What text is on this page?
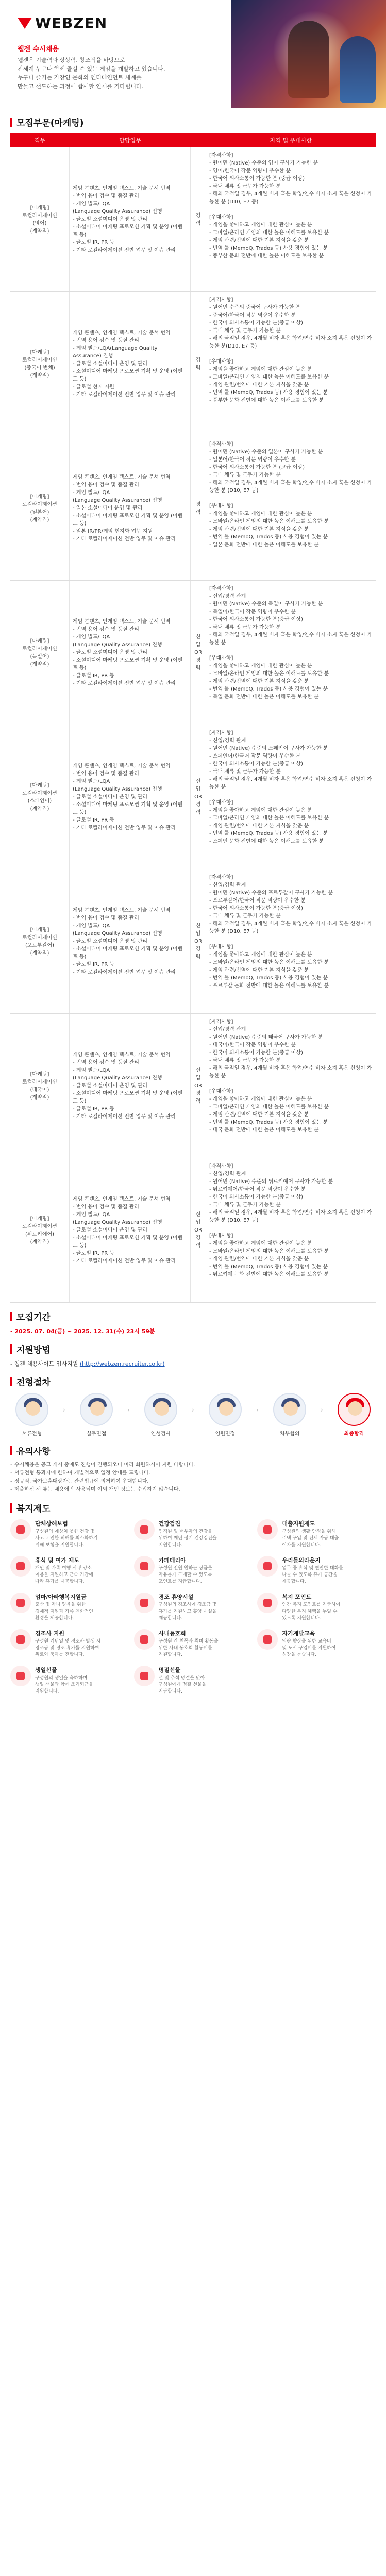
WEBZEN
웹젠 수시채용
웹젠은 기술력과 상상력, 창조적을 바탕으로
전세계 누구나 함께 즐길 수 있는 게임을 개발하고 있습니다.
누구나 즐기는 가장인 문화의 엔터테인먼트 세계를
만들고 선도하는 과정에 함께할 인재를 기다립니다.
모집부문(마케팅)
직무	담당업무	자격 및 우대사항
[마케팅]
로컬라이제이션
(영어)
(계약직)
게임 콘텐츠, 인게임 텍스트, 기술 문서 번역
- 번역 용어 검수 및 품질 관리
- 게임 빌드/LQA
(Language Quality Assurance) 진행
- 글로벌 소셜미디어 운영 및 관리
- 소셜미디어 마케팅 프로모션 기획 및 운영 (이벤트 등)
- 글로벌 IR, PR 등
- 기타 로컬라이제이션 전반 업무 및 이슈 관리
경력
[자격사항]
- 원어민 (Native) 수준의 영어 구사가 가능한 분
- 영어/한국어 작문 역량이 우수한 분
- 한국어 의사소통이 가능한 분 (중급 이상)
- 국내 체류 및 근무가 가능한 분
- 해외 국적일 경우, 4개월 비자 혹은 학업/연수 비자 소지 혹은 신청이 가능한 분 (D10, E7 등)

[우대사항]
- 게임을 좋아하고 게임에 대한 관심이 높은 분
- 모바일/온라인 게임의 대한 높은 이해도를 보유한 분
- 게임 관련/번역에 대한 기본 지식을 갖춘 분
- 번역 툴 (MemoQ, Trados 등) 사용 경험이 있는 분
- 풍부한 문화 전반에 대한 높은 이해도를 보유한 분
[마케팅]
로컬라이제이션
(중국어 번체)
(계약직)
게임 콘텐츠, 인게임 텍스트, 기술 문서 번역
- 번역 용어 검수 및 품질 관리
- 게임 빌드/LQA(Language Quality Assurance) 진행
- 글로벌 소셜미디어 운영 및 관리
- 소셜미디어 마케팅 프로모션 기획 및 운영 (이벤트 등)
- 글로벌 현지 지원
- 기타 로컬라이제이션 전반 업무 및 이슈 관리
경력
[자격사항]
- 원어민 수준의 중국어 구사가 가능한 분
- 중국어/한국어 작문 역량이 우수한 분
- 한국어 의사소통이 가능한 분(중급 이상)
- 국내 체류 및 근무가 가능한 분
- 해외 국적일 경우, 4개월 비자 혹은 학업/연수 비자 소지 혹은 신청이 가능한 분(D10, E7 등)

[우대사항]
- 게임을 좋아하고 게임에 대한 관심이 높은 분
- 모바일/온라인 게임의 대한 높은 이해도를 보유한 분
- 게임 관련/번역에 대한 기본 지식을 갖춘 분
- 번역 툴 (MemoQ, Trados 등) 사용 경험이 있는 분
- 풍부한 문화 전반에 대한 높은 이해도를 보유한 분
[마케팅]
로컬라이제이션
(일본어)
(계약직)
게임 콘텐츠, 인게임 텍스트, 기술 문서 번역
- 번역 용어 검수 및 품질 관리
- 게임 빌드/LQA
(Language Quality Assurance) 진행
- 일본 소셜미디어 운영 및 관리
- 소셜미디어 마케팅 프로모션 기획 및 운영 (이벤트 등)
- 일본 IR/PR/게임 현지화 업무 지원
- 기타 로컬라이제이션 전반 업무 및 이슈 관리
경력
[자격사항]
- 원어민 (Native) 수준의 일본어 구사가 가능한 분
- 일본어/한국어 작문 역량이 우수한 분
- 한국어 의사소통이 가능한 분 (고급 이상)
- 국내 체류 및 근무가 가능한 분
- 해외 국적일 경우, 4개월 비자 혹은 학업/연수 비자 소지 혹은 신청이 가능한 분 (D10, E7 등)

[우대사항]
- 게임을 좋아하고 게임에 대한 관심이 높은 분
- 모바일/온라인 게임의 대한 높은 이해도를 보유한 분
- 게임 관련/번역에 대한 기본 지식을 갖춘 분
- 번역 툴 (MemoQ, Trados 등) 사용 경험이 있는 분
- 일본 문화 전반에 대한 높은 이해도를 보유한 분
[마케팅]
로컬라이제이션
(독일어)
(계약직)
게임 콘텐츠, 인게임 텍스트, 기술 문서 번역
- 번역 용어 검수 및 품질 관리
- 게임 빌드/LQA
(Language Quality Assurance) 진행
- 글로벌 소셜미디어 운영 및 관리
- 소셜미디어 마케팅 프로모션 기획 및 운영 (이벤트 등)
- 글로벌 IR, PR 등
- 기타 로컬라이제이션 전반 업무 및 이슈 관리
신입
OR
경력
[자격사항]
- 신입/경력 관계
- 원어민 (Native) 수준의 독일어 구사가 가능한 분
- 독일어/한국어 작문 역량이 우수한 분
- 한국어 의사소통이 가능한 분(중급 이상)
- 국내 체류 및 근무가 가능한 분
- 해외 국적일 경우, 4개월 비자 혹은 학업/연수 비자 소지 혹은 신청이 가능한 분

[우대사항]
- 게임을 좋아하고 게임에 대한 관심이 높은 분
- 모바일/온라인 게임의 대한 높은 이해도를 보유한 분
- 게임 관련/번역에 대한 기본 지식을 갖춘 분
- 번역 툴 (MemoQ, Trados 등) 사용 경험이 있는 분
- 독일 문화 전반에 대한 높은 이해도를 보유한 분
[마케팅]
로컬라이제이션
(스페인어)
(계약직)
게임 콘텐츠, 인게임 텍스트, 기술 문서 번역
- 번역 용어 검수 및 품질 관리
- 게임 빌드/LQA
(Language Quality Assurance) 진행
- 글로벌 소셜미디어 운영 및 관리
- 소셜미디어 마케팅 프로모션 기획 및 운영 (이벤트 등)
- 글로벌 IR, PR 등
- 기타 로컬라이제이션 전반 업무 및 이슈 관리
신입
OR
경력
[자격사항]
- 신입/경력 관계
- 원어민 (Native) 수준의 스페인어 구사가 가능한 분
- 스페인어/한국어 작문 역량이 우수한 분
- 한국어 의사소통이 가능한 분(중급 이상)
- 국내 체류 및 근무가 가능한 분
- 해외 국적일 경우, 4개월 비자 혹은 학업/연수 비자 소지 혹은 신청이 가능한 분

[우대사항]
- 게임을 좋아하고 게임에 대한 관심이 높은 분
- 모바일/온라인 게임의 대한 높은 이해도를 보유한 분
- 게임 관련/번역에 대한 기본 지식을 갖춘 분
- 번역 툴 (MemoQ, Trados 등) 사용 경험이 있는 분
- 스페인 문화 전반에 대한 높은 이해도를 보유한 분
[마케팅]
로컬라이제이션
(포르투갈어)
(계약직)
게임 콘텐츠, 인게임 텍스트, 기술 문서 번역
- 번역 용어 검수 및 품질 관리
- 게임 빌드/LQA
(Language Quality Assurance) 진행
- 글로벌 소셜미디어 운영 및 관리
- 소셜미디어 마케팅 프로모션 기획 및 운영 (이벤트 등)
- 글로벌 IR, PR 등
- 기타 로컬라이제이션 전반 업무 및 이슈 관리
신입
OR
경력
[자격사항]
- 신입/경력 관계
- 원어민 (Native) 수준의 포르투갈어 구사가 가능한 분
- 포르투갈어/한국어 작문 역량이 우수한 분
- 한국어 의사소통이 가능한 분(중급 이상)
- 국내 체류 및 근무가 가능한 분
- 해외 국적일 경우, 4개월 비자 혹은 학업/연수 비자 소지 혹은 신청이 가능한 분 (D10, E7 등)

[우대사항]
- 게임을 좋아하고 게임에 대한 관심이 높은 분
- 모바일/온라인 게임의 대한 높은 이해도를 보유한 분
- 게임 관련/번역에 대한 기본 지식을 갖춘 분
- 번역 툴 (MemoQ, Trados 등) 사용 경험이 있는 분
- 포르투갈 문화 전반에 대한 높은 이해도를 보유한 분
[마케팅]
로컬라이제이션
(태국어)
(계약직)
게임 콘텐츠, 인게임 텍스트, 기술 문서 번역
- 번역 용어 검수 및 품질 관리
- 게임 빌드/LQA
(Language Quality Assurance) 진행
- 글로벌 소셜미디어 운영 및 관리
- 소셜미디어 마케팅 프로모션 기획 및 운영 (이벤트 등)
- 글로벌 IR, PR 등
- 기타 로컬라이제이션 전반 업무 및 이슈 관리
신입
OR
경력
[자격사항]
- 신입/경력 관계
- 원어민 (Native) 수준의 태국어 구사가 가능한 분
- 태국어/한국어 작문 역량이 우수한 분
- 한국어 의사소통이 가능한 분(중급 이상)
- 국내 체류 및 근무가 가능한 분
- 해외 국적일 경우, 4개월 비자 혹은 학업/연수 비자 소지 혹은 신청이 가능한 분

[우대사항]
- 게임을 좋아하고 게임에 대한 관심이 높은 분
- 모바일/온라인 게임의 대한 높은 이해도를 보유한 분
- 게임 관련/번역에 대한 기본 지식을 갖춘 분
- 번역 툴 (MemoQ, Trados 등) 사용 경험이 있는 분
- 태국 문화 전반에 대한 높은 이해도를 보유한 분
[마케팅]
로컬라이제이션
(튀르키예어)
(계약직)
게임 콘텐츠, 인게임 텍스트, 기술 문서 번역
- 번역 용어 검수 및 품질 관리
- 게임 빌드/LQA
(Language Quality Assurance) 진행
- 글로벌 소셜미디어 운영 및 관리
- 소셜미디어 마케팅 프로모션 기획 및 운영 (이벤트 등)
- 글로벌 IR, PR 등
- 기타 로컬라이제이션 전반 업무 및 이슈 관리
신입
OR
경력
[자격사항]
- 신입/경력 관계
- 원어민 (Native) 수준의 튀르키예어 구사가 가능한 분
- 튀르키예어/한국어 작문 역량이 우수한 분
- 한국어 의사소통이 가능한 분(중급 이상)
- 국내 체류 및 근무가 가능한 분
- 해외 국적일 경우, 4개월 비자 혹은 학업/연수 비자 소지 혹은 신청이 가능한 분 (D10, E7 등)

[우대사항]
- 게임을 좋아하고 게임에 대한 관심이 높은 분
- 모바일/온라인 게임의 대한 높은 이해도를 보유한 분
- 게임 관련/번역에 대한 기본 지식을 갖춘 분
- 번역 툴 (MemoQ, Trados 등) 사용 경험이 있는 분
- 튀르키예 문화 전반에 대한 높은 이해도를 보유한 분
모집기간
- 2025. 07. 04(금) ~ 2025. 12. 31(수) 23시 59분
지원방법
- 웹젠 채용사이트 입사지원 (http://webzen.recruiter.co.kr)
전형절차
서류전형
›
실무면접
›
인성검사
›
임원면접
›
처우협의
›
최종합격
유의사항
- 수시채용은 공고 게시 중에도 진행이 진행되오니 미리 회원하시어 지원 바랍니다.
- 서류전형 통과자에 한하여 개별적으로 일정 안내를 드립니다.
- 정규직, 국가보훈대상자는 관련법규에 의거하여 우대합니다.
- 제출하신 서 류는 채용에만 사용되며 이외 개인 정보는 수집하지 않습니다.
복지제도
단체상해보험

구성원의 예상치 못한 건강 및
사고로 인한 피해를 최소화하기
위해 보험을 지원합니다.

건강검진

임직원 및 배우자의 건강을
위하여 매년 정기 건강검진을
지원합니다.

대출지원제도

구성원의 생활 안정을 위해
주택 구입 및 전세 자금 대출
이자를 지원합니다.

휴식 및 여가 제도

개인 및 가족 여행 시 휴양소
이용을 지원하고 근속 기간에
따라 휴가를 제공합니다.

카페테리아

구성원 전원 원하는 상품을
자유롭게 구매할 수 있도록
포인트를 지급합니다.

우리들의라운지

업무 중 휴식 및 편안한 대화를
나눌 수 있도록 휴게 공간을
제공합니다.

엄마/아빠행복지원금

출산 및 자녀 양육을 위한
경제적 지원과 가족 친화적인
환경을 제공합니다.

경조 휴양시설

구성원의 경조사에 경조금 및
휴가를 지원하고 휴양 시설을
제공합니다.

복지 포인트

연간 복지 포인트를 지급하여
다양한 복지 혜택을 누릴 수
있도록 지원합니다.

경조사 지원

구성원 기념일 및 경조사 발생 시
경조금 및 경조 휴가를 지원하여
위로와 축하를 전합니다.

사내동호회

구성원 간 친목과 취미 활동을
위한 사내 동호회 활동비를
지원합니다.

자기계발교육

역량 향상을 위한 교육비
및 도서 구입비를 지원하여
성장을 돕습니다.

생일선물

구성원의 생일을 축하하며
생일 선물과 함께 조기퇴근을
지원합니다.

명절선물

설 및 추석 명절을 맞아
구성원에게 명절 선물을
지급합니다.
